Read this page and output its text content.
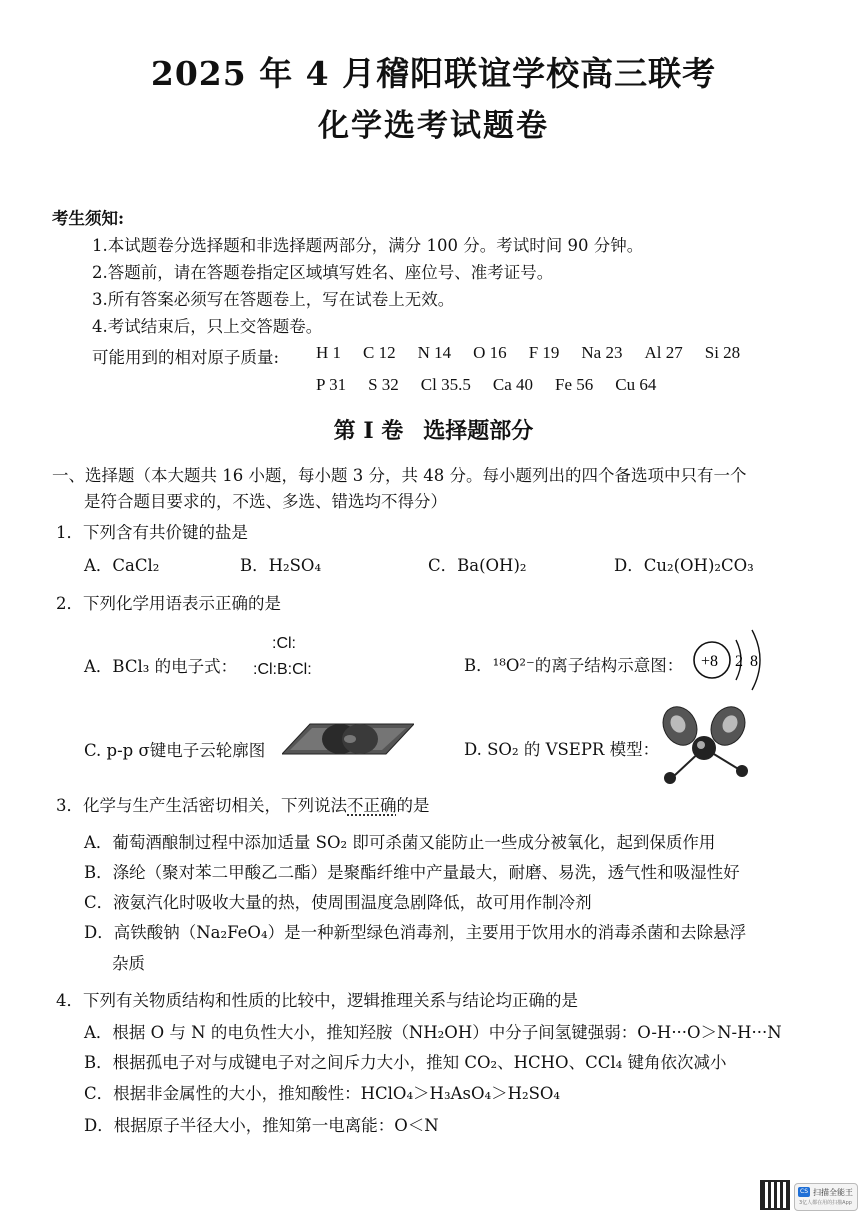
2025 年 4 月稽阳联谊学校高三联考
化学选考试题卷
考生须知:
1.本试题卷分选择题和非选择题两部分，满分 100 分。考试时间 90 分钟。
2.答题前，请在答题卷指定区域填写姓名、座位号、准考证号。
3.所有答案必须写在答题卷上，写在试卷上无效。
4.考试结束后，只上交答题卷。
可能用到的相对原子质量: H 1 C 12 N 14 O 16 F 19 Na 23 Al 27 Si 28
P 31 S 32 Cl 35.5 Ca 40 Fe 56 Cu 64
第 I 卷 选择题部分
一、选择题（本大题共 16 小题，每小题 3 分，共 48 分。每小题列出的四个备选项中只有一个
是符合题目要求的，不选、多选、错选均不得分）
1．下列含有共价键的盐是
A．CaCl₂	B．H₂SO₄	C．Ba(OH)₂	D．Cu₂(OH)₂CO₃
2．下列化学用语表示正确的是
A．BCl₃ 的电子式：
:Cl:
:Cl:B:Cl:	B．¹⁸O²⁻的离子结构示意图： +8 2 8
C. p-p σ键电子云轮廓图	D. SO₂ 的 VSEPR 模型：
3．化学与生产生活密切相关，下列说法不正确的是
A．葡萄酒酿制过程中添加适量 SO₂ 即可杀菌又能防止一些成分被氧化，起到保质作用
B．涤纶（聚对苯二甲酸乙二酯）是聚酯纤维中产量最大，耐磨、易洗，透气性和吸湿性好
C．液氨汽化时吸收大量的热，使周围温度急剧降低，故可用作制冷剂
D．高铁酸钠（Na₂FeO₄）是一种新型绿色消毒剂，主要用于饮用水的消毒杀菌和去除悬浮
杂质
4．下列有关物质结构和性质的比较中，逻辑推理关系与结论均正确的是
A．根据 O 与 N 的电负性大小，推知羟胺（NH₂OH）中分子间氢键强弱：O-H···O＞N-H···N
B．根据孤电子对与成键电子对之间斥力大小，推知 CO₂、HCHO、CCl₄ 键角依次减小
C．根据非金属性的大小，推知酸性：HClO₄＞H₃AsO₄＞H₂SO₄
D．根据原子半径大小，推知第一电离能：O＜N
CS 扫描全能王
3亿人都在用的扫描App
